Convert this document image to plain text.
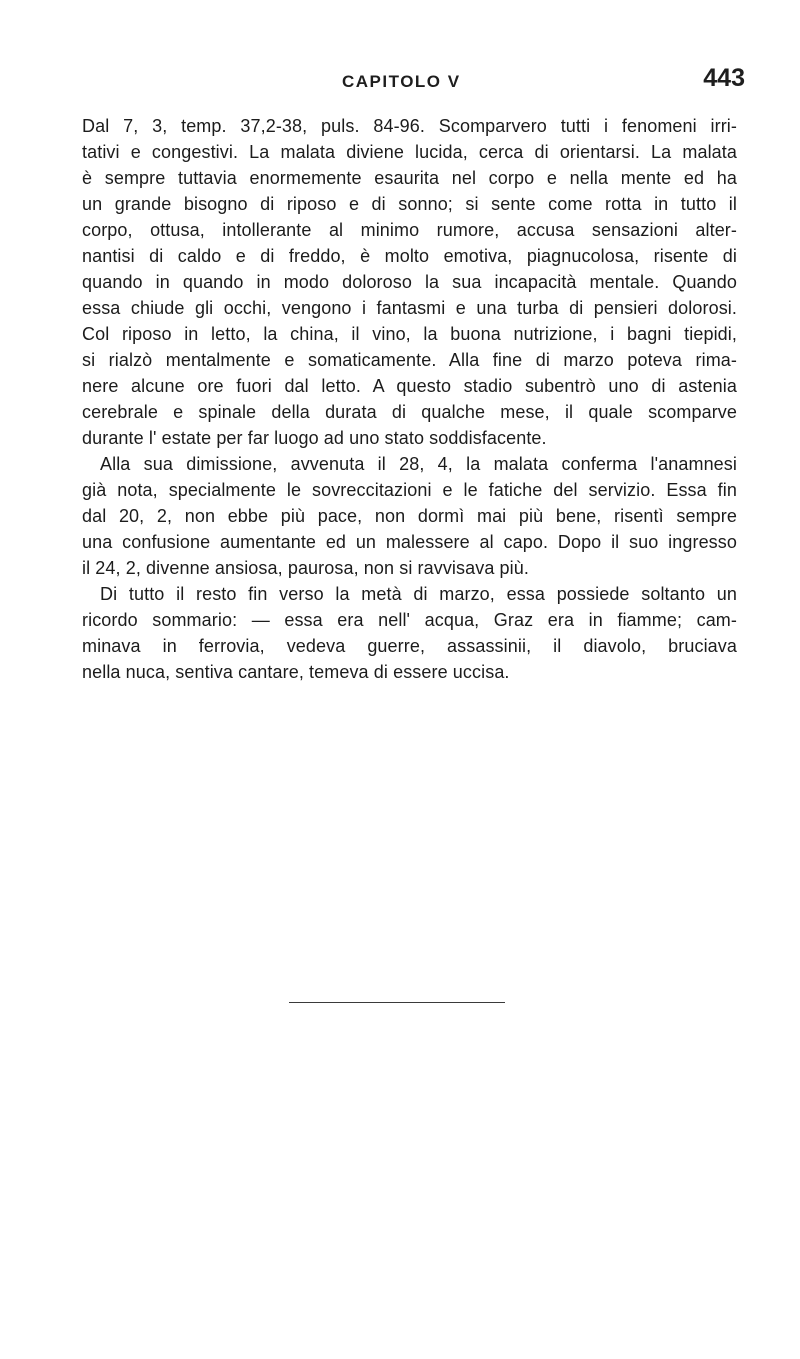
CAPITOLO V	443
Dal 7, 3, temp. 37,2-38, puls. 84-96. Scomparvero tutti i fenomeni irri-
tativi e congestivi. La malata diviene lucida, cerca di orientarsi. La malata
è sempre tuttavia enormemente esaurita nel corpo e nella mente ed ha
un grande bisogno di riposo e di sonno; si sente come rotta in tutto il
corpo, ottusa, intollerante al minimo rumore, accusa sensazioni alter-
nantisi di caldo e di freddo, è molto emotiva, piagnucolosa, risente di
quando in quando in modo doloroso la sua incapacità mentale. Quando
essa chiude gli occhi, vengono i fantasmi e una turba di pensieri dolorosi.
Col riposo in letto, la china, il vino, la buona nutrizione, i bagni tiepidi,
si rialzò mentalmente e somaticamente. Alla fine di marzo poteva rima-
nere alcune ore fuori dal letto. A questo stadio subentrò uno di astenia
cerebrale e spinale della durata di qualche mese, il quale scomparve
durante l' estate per far luogo ad uno stato soddisfacente.
Alla sua dimissione, avvenuta il 28, 4, la malata conferma l'anamnesi
già nota, specialmente le sovreccitazioni e le fatiche del servizio. Essa fin
dal 20, 2, non ebbe più pace, non dormì mai più bene, risentì sempre
una confusione aumentante ed un malessere al capo. Dopo il suo ingresso
il 24, 2, divenne ansiosa, paurosa, non si ravvisava più.
Di tutto il resto fin verso la metà di marzo, essa possiede soltanto un
ricordo sommario: — essa era nell' acqua, Graz era in fiamme; cam-
minava in ferrovia, vedeva guerre, assassinii, il diavolo, bruciava
nella nuca, sentiva cantare, temeva di essere uccisa.
